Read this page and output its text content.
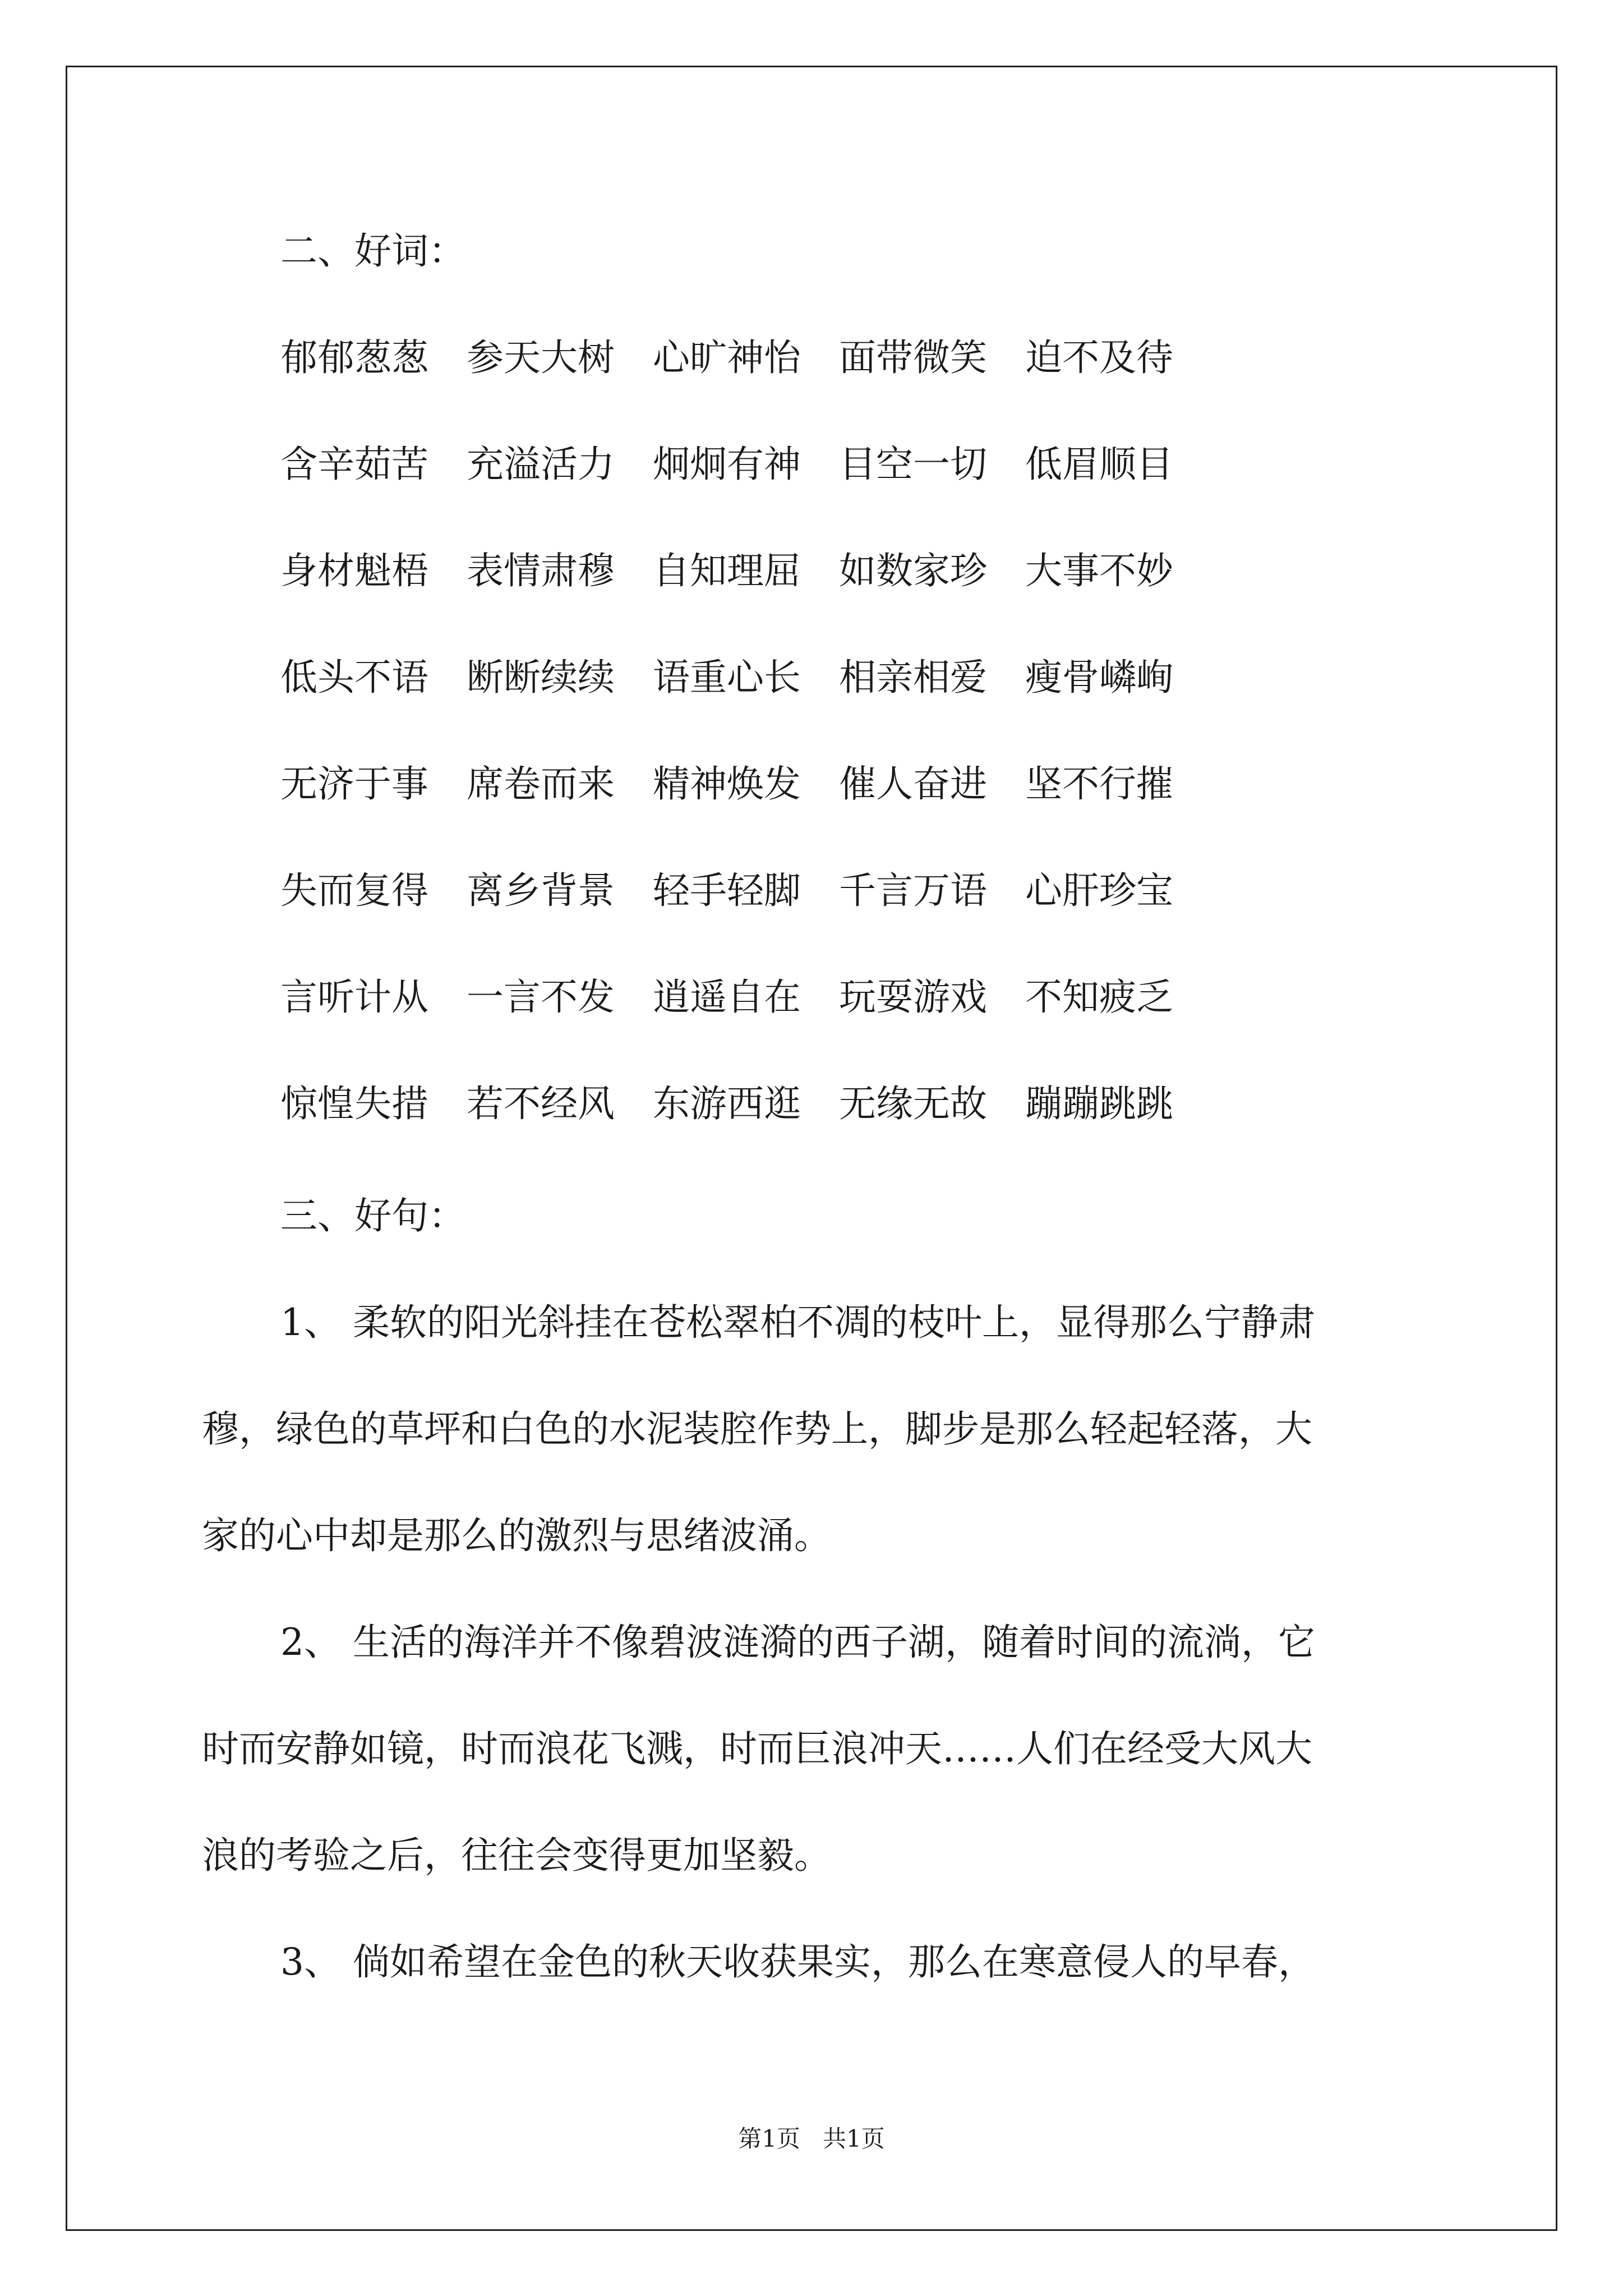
二、好词：
郁郁葱葱	参天大树	心旷神怡	面带微笑	迫不及待
含辛茹苦	充溢活力	炯炯有神	目空一切	低眉顺目
身材魁梧	表情肃穆	自知理屈	如数家珍	大事不妙
低头不语	断断续续	语重心长	相亲相爱	瘦骨嶙峋
无济于事	席卷而来	精神焕发	催人奋进	坚不行摧
失而复得	离乡背景	轻手轻脚	千言万语	心肝珍宝
言听计从	一言不发	逍遥自在	玩耍游戏	不知疲乏
惊惶失措	若不经风	东游西逛	无缘无故	蹦蹦跳跳
三、好句：
1、 柔软的阳光斜挂在苍松翠柏不凋的枝叶上，显得那么宁静肃
穆，绿色的草坪和白色的水泥装腔作势上，脚步是那么轻起轻落，大
家的心中却是那么的激烈与思绪波涌。
2、 生活的海洋并不像碧波涟漪的西子湖，随着时间的流淌，它
时而安静如镜，时而浪花飞溅，时而巨浪冲天……人们在经受大风大
浪的考验之后，往往会变得更加坚毅。
3、 倘如希望在金色的秋天收获果实，那么在寒意侵人的早春，
第1页   共1页
